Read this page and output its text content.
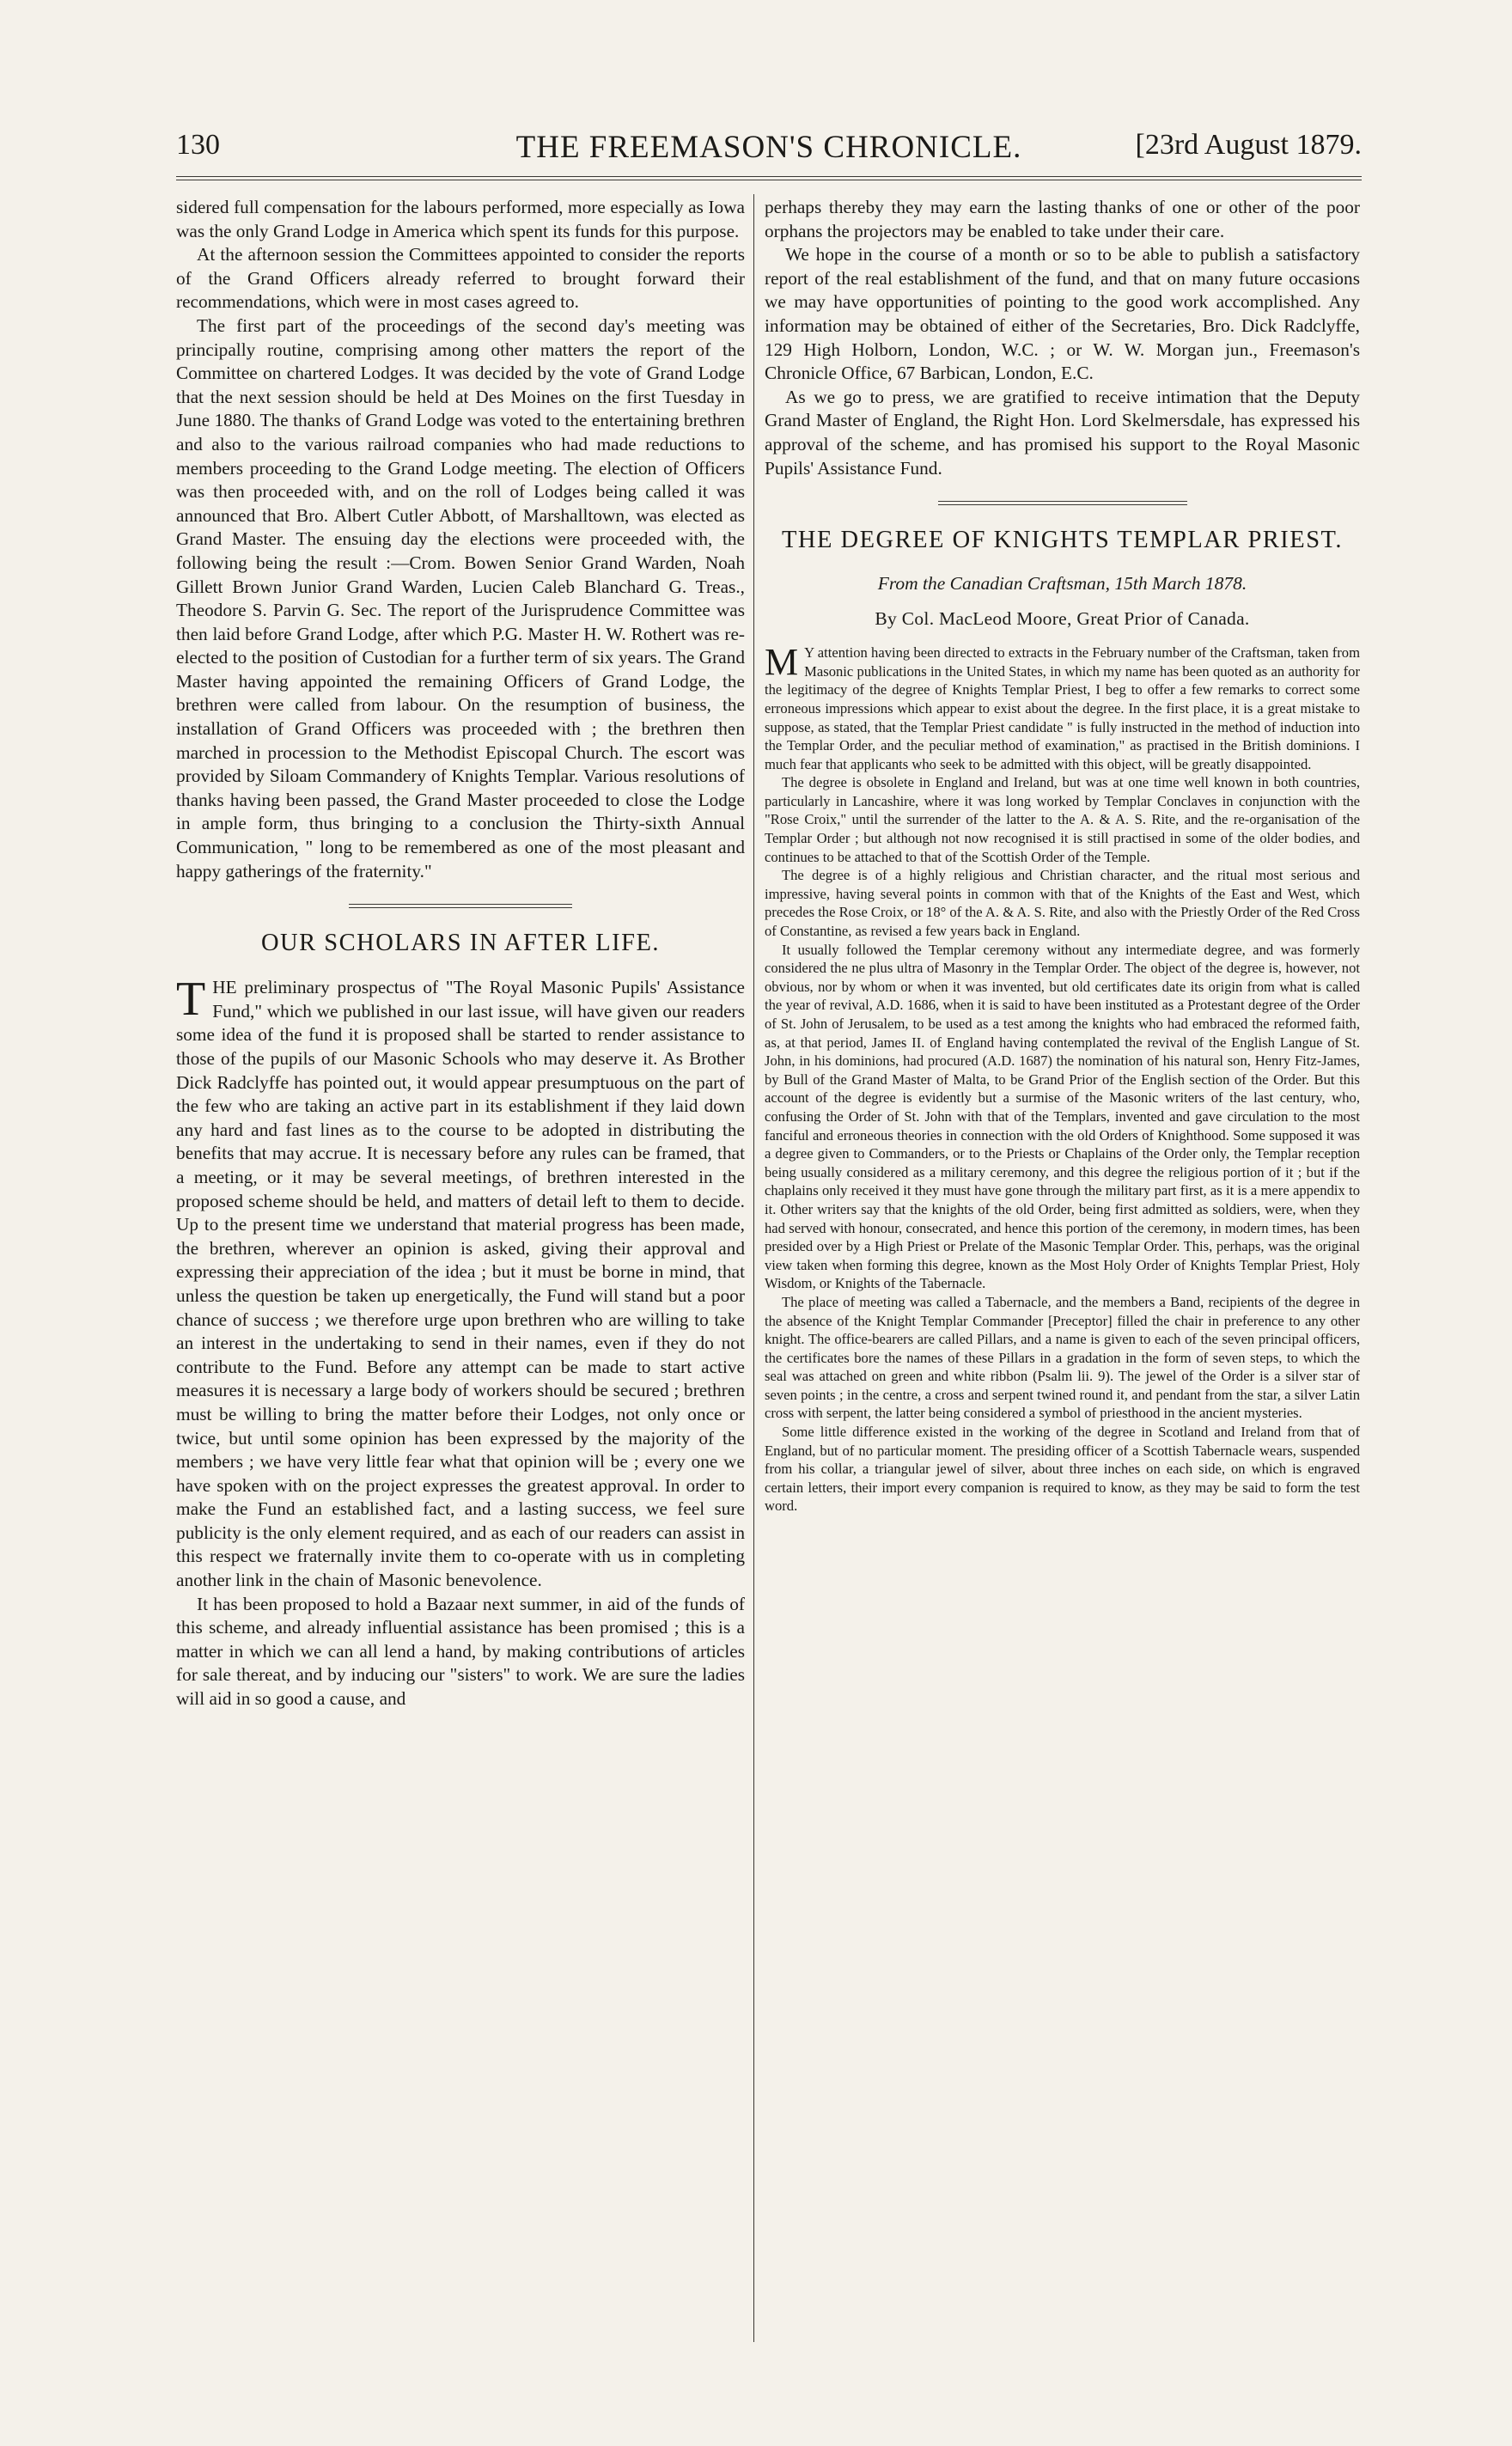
130	THE FREEMASON'S CHRONICLE.	[23rd August 1879.

sidered full compensation for the labours performed, more especially as Iowa was the only Grand Lodge in America which spent its funds for this purpose.

At the afternoon session the Committees appointed to consider the reports of the Grand Officers already referred to brought forward their recommendations, which were in most cases agreed to.

The first part of the proceedings of the second day's meeting was principally routine, comprising among other matters the report of the Committee on chartered Lodges. It was decided by the vote of Grand Lodge that the next session should be held at Des Moines on the first Tuesday in June 1880. The thanks of Grand Lodge was voted to the entertaining brethren and also to the various railroad companies who had made reductions to members proceeding to the Grand Lodge meeting. The election of Officers was then proceeded with, and on the roll of Lodges being called it was announced that Bro. Albert Cutler Abbott, of Marshalltown, was elected as Grand Master. The ensuing day the elections were proceeded with, the following being the result :—Crom. Bowen Senior Grand Warden, Noah Gillett Brown Junior Grand Warden, Lucien Caleb Blanchard G. Treas., Theodore S. Parvin G. Sec. The report of the Jurisprudence Committee was then laid before Grand Lodge, after which P.G. Master H. W. Rothert was re-elected to the position of Custodian for a further term of six years. The Grand Master having appointed the remaining Officers of Grand Lodge, the brethren were called from labour. On the resumption of business, the installation of Grand Officers was proceeded with ; the brethren then marched in procession to the Methodist Episcopal Church. The escort was provided by Siloam Commandery of Knights Templar. Various resolutions of thanks having been passed, the Grand Master proceeded to close the Lodge in ample form, thus bringing to a conclusion the Thirty-sixth Annual Communication, " long to be remembered as one of the most pleasant and happy gatherings of the fraternity."

OUR SCHOLARS IN AFTER LIFE.
T HE preliminary prospectus of "The Royal Masonic Pupils' Assistance Fund," which we published in our last issue, will have given our readers some idea of the fund it is proposed shall be started to render assistance to those of the pupils of our Masonic Schools who may deserve it. As Brother Dick Radclyffe has pointed out, it would appear presumptuous on the part of the few who are taking an active part in its establishment if they laid down any hard and fast lines as to the course to be adopted in distributing the benefits that may accrue. It is necessary before any rules can be framed, that a meeting, or it may be several meetings, of brethren interested in the proposed scheme should be held, and matters of detail left to them to decide. Up to the present time we understand that material progress has been made, the brethren, wherever an opinion is asked, giving their approval and expressing their appreciation of the idea ; but it must be borne in mind, that unless the question be taken up energetically, the Fund will stand but a poor chance of success ; we therefore urge upon brethren who are willing to take an interest in the undertaking to send in their names, even if they do not contribute to the Fund. Before any attempt can be made to start active measures it is necessary a large body of workers should be secured ; brethren must be willing to bring the matter before their Lodges, not only once or twice, but until some opinion has been expressed by the majority of the members ; we have very little fear what that opinion will be ; every one we have spoken with on the project expresses the greatest approval. In order to make the Fund an established fact, and a lasting success, we feel sure publicity is the only element required, and as each of our readers can assist in this respect we fraternally invite them to co-operate with us in completing another link in the chain of Masonic benevolence.

It has been proposed to hold a Bazaar next summer, in aid of the funds of this scheme, and already influential assistance has been promised ; this is a matter in which we can all lend a hand, by making contributions of articles for sale thereat, and by inducing our "sisters" to work. We are sure the ladies will aid in so good a cause, and

perhaps thereby they may earn the lasting thanks of one or other of the poor orphans the projectors may be enabled to take under their care.

We hope in the course of a month or so to be able to publish a satisfactory report of the real establishment of the fund, and that on many future occasions we may have opportunities of pointing to the good work accomplished. Any information may be obtained of either of the Secretaries, Bro. Dick Radclyffe, 129 High Holborn, London, W.C. ; or W. W. Morgan jun., Freemason's Chronicle Office, 67 Barbican, London, E.C.

As we go to press, we are gratified to receive intimation that the Deputy Grand Master of England, the Right Hon. Lord Skelmersdale, has expressed his approval of the scheme, and has promised his support to the Royal Masonic Pupils' Assistance Fund.

THE DEGREE OF KNIGHTS TEMPLAR PRIEST.
From the Canadian Craftsman, 15th March 1878.
By Col. MacLeod Moore, Great Prior of Canada.
M Y attention having been directed to extracts in the February number of the Craftsman, taken from Masonic publications in the United States, in which my name has been quoted as an authority for the legitimacy of the degree of Knights Templar Priest, I beg to offer a few remarks to correct some erroneous impressions which appear to exist about the degree. In the first place, it is a great mistake to suppose, as stated, that the Templar Priest candidate " is fully instructed in the method of induction into the Templar Order, and the peculiar method of examination," as practised in the British dominions. I much fear that applicants who seek to be admitted with this object, will be greatly disappointed.

The degree is obsolete in England and Ireland, but was at one time well known in both countries, particularly in Lancashire, where it was long worked by Templar Conclaves in conjunction with the "Rose Croix," until the surrender of the latter to the A. & A. S. Rite, and the re-organisation of the Templar Order ; but although not now recognised it is still practised in some of the older bodies, and continues to be attached to that of the Scottish Order of the Temple.

The degree is of a highly religious and Christian character, and the ritual most serious and impressive, having several points in common with that of the Knights of the East and West, which precedes the Rose Croix, or 18° of the A. & A. S. Rite, and also with the Priestly Order of the Red Cross of Constantine, as revised a few years back in England.

It usually followed the Templar ceremony without any intermediate degree, and was formerly considered the ne plus ultra of Masonry in the Templar Order. The object of the degree is, however, not obvious, nor by whom or when it was invented, but old certificates date its origin from what is called the year of revival, A.D. 1686, when it is said to have been instituted as a Protestant degree of the Order of St. John of Jerusalem, to be used as a test among the knights who had embraced the reformed faith, as, at that period, James II. of England having contemplated the revival of the English Langue of St. John, in his dominions, had procured (A.D. 1687) the nomination of his natural son, Henry Fitz-James, by Bull of the Grand Master of Malta, to be Grand Prior of the English section of the Order. But this account of the degree is evidently but a surmise of the Masonic writers of the last century, who, confusing the Order of St. John with that of the Templars, invented and gave circulation to the most fanciful and erroneous theories in connection with the old Orders of Knighthood. Some supposed it was a degree given to Commanders, or to the Priests or Chaplains of the Order only, the Templar reception being usually considered as a military ceremony, and this degree the religious portion of it ; but if the chaplains only received it they must have gone through the military part first, as it is a mere appendix to it. Other writers say that the knights of the old Order, being first admitted as soldiers, were, when they had served with honour, consecrated, and hence this portion of the ceremony, in modern times, has been presided over by a High Priest or Prelate of the Masonic Templar Order. This, perhaps, was the original view taken when forming this degree, known as the Most Holy Order of Knights Templar Priest, Holy Wisdom, or Knights of the Tabernacle.

The place of meeting was called a Tabernacle, and the members a Band, recipients of the degree in the absence of the Knight Templar Commander [Preceptor] filled the chair in preference to any other knight. The office-bearers are called Pillars, and a name is given to each of the seven principal officers, the certificates bore the names of these Pillars in a gradation in the form of seven steps, to which the seal was attached on green and white ribbon (Psalm lii. 9). The jewel of the Order is a silver star of seven points ; in the centre, a cross and serpent twined round it, and pendant from the star, a silver Latin cross with serpent, the latter being considered a symbol of priesthood in the ancient mysteries.

Some little difference existed in the working of the degree in Scotland and Ireland from that of England, but of no particular moment. The presiding officer of a Scottish Tabernacle wears, suspended from his collar, a triangular jewel of silver, about three inches on each side, on which is engraved certain letters, their import every companion is required to know, as they may be said to form the test word.
